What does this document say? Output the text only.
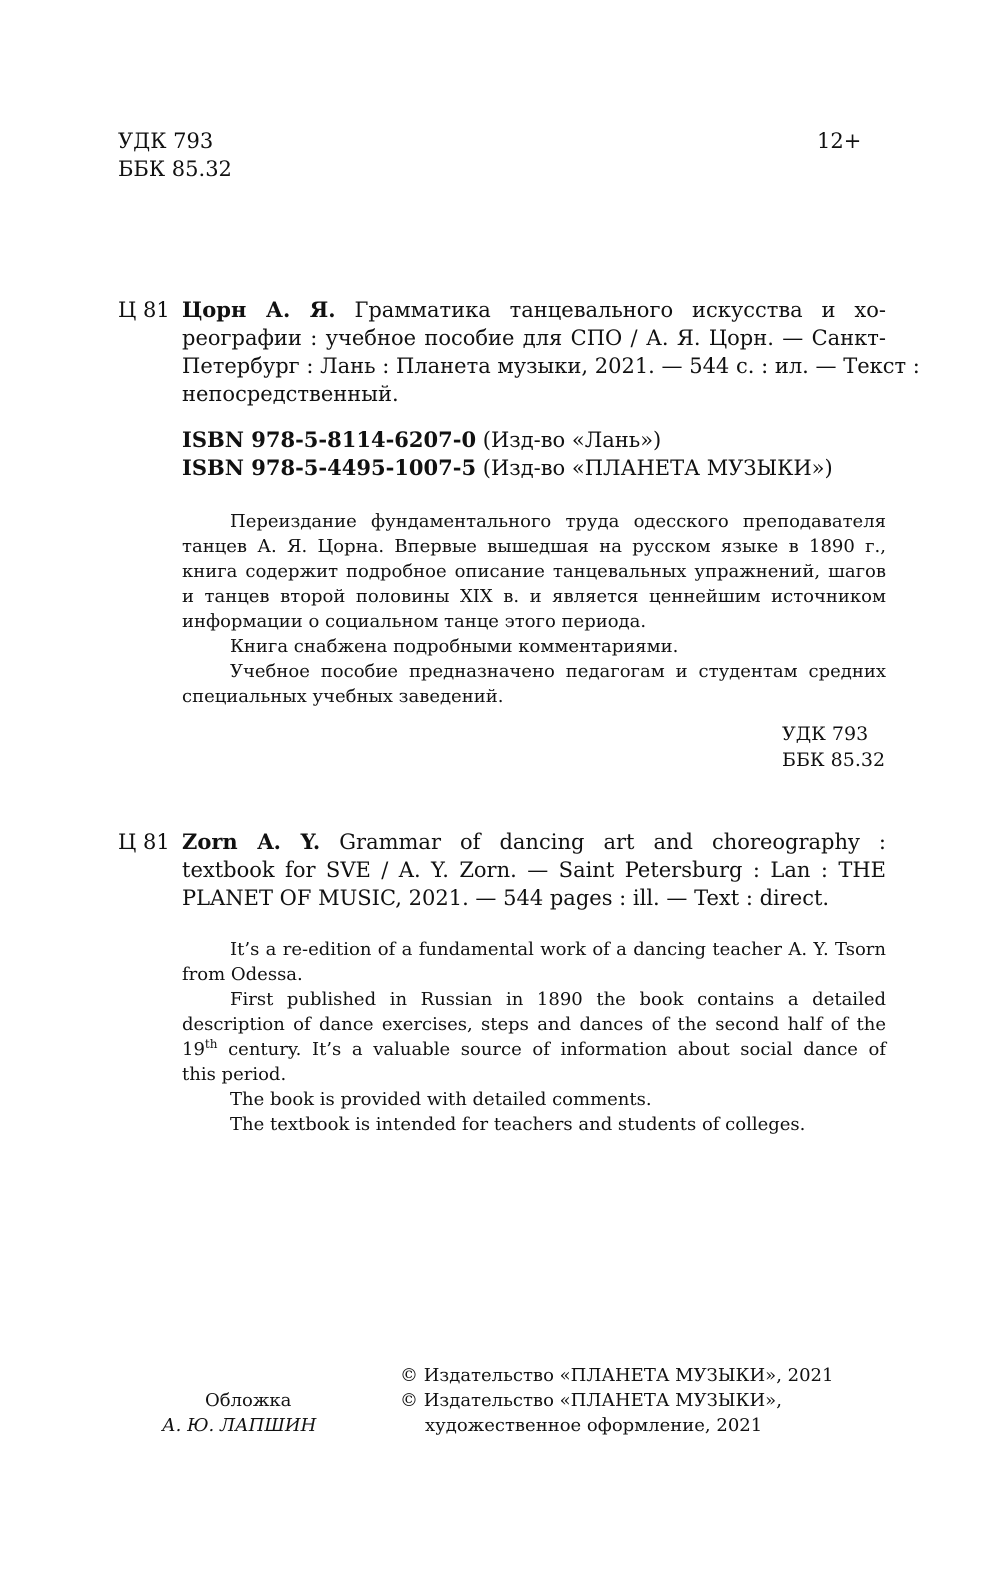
УДК 793
ББК 85.32
12+
Ц 81 Цорн А. Я. Грамматика танцевального искусства и хо-
реографии : учебное пособие для СПО / А. Я. Цорн. — Санкт-
Петербург : Лань : Планета музыки, 2021. — 544 с. : ил. — Текст :
непосредственный.
ISBN 978-5-8114-6207-0 (Изд-во «Лань»)
ISBN 978-5-4495-1007-5 (Изд-во «ПЛАНЕТА МУЗЫКИ»)
Переиздание фундаментального труда одесского преподавателя
танцев А. Я. Цорна. Впервые вышедшая на русском языке в 1890 г.,
книга содержит подробное описание танцевальных упражнений, шагов
и танцев второй половины XIX в. и является ценнейшим источником
информации о социальном танце этого периода.
Книга снабжена подробными комментариями.
Учебное пособие предназначено педагогам и студентам средних
специальных учебных заведений.
УДК 793
ББК 85.32
Ц 81 Zorn A. Y. Grammar of dancing art and choreography :
textbook for SVE / A. Y. Zorn. — Saint Petersburg : Lan : THE
PLANET OF MUSIC, 2021. — 544 pages : ill. — Text : direct.
It’s a re-edition of a fundamental work of a dancing teacher A. Y. Tsorn
from Odessa.
First published in Russian in 1890 the book contains a detailed
description of dance exercises, steps and dances of the second half of the
19th century. It’s a valuable source of information about social dance of
this period.
The book is provided with detailed comments.
The textbook is intended for teachers and students of colleges.
Обложка
А. Ю. ЛАПШИН
© Издательство «ПЛАНЕТА МУЗЫКИ», 2021
© Издательство «ПЛАНЕТА МУЗЫКИ»,
художественное оформление, 2021
